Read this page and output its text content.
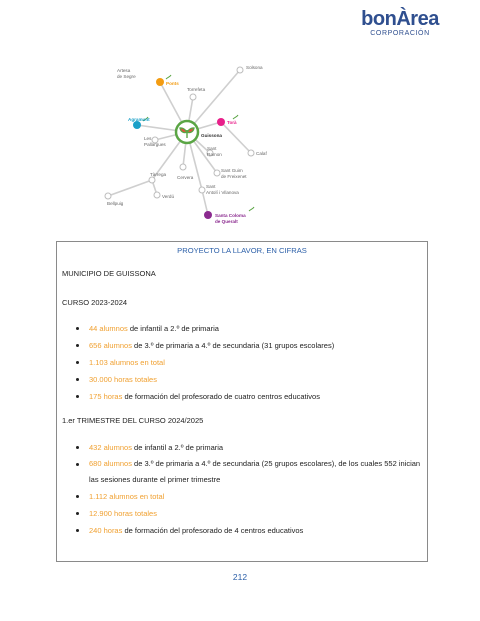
bonÀrea
CORPORACIÓN
Artesa
de Segre
Ponts
Solsona
Torrefeta
Agramunt
Guissona
Torà
Les
Pallargues
Sant
Ramon	Calaf
Sant Guim
de Freixenet
Cervera
Tàrrega
Sant
Antolí i Vilanova
Verdú
Bellpuig
Santa Coloma
de Queralt
PROYECTO LA LLAVOR, EN CIFRAS
MUNICIPIO DE GUISSONA
CURSO 2023-2024
44 alumnos de infantil a 2.º de primaria
656 alumnos de 3.º de primaria a 4.º de secundaria (31 grupos escolares)
1.103 alumnos en total
30.000 horas totales
175 horas de formación del profesorado de cuatro centros educativos
1.er TRIMESTRE DEL CURSO 2024/2025
432 alumnos de infantil a 2.º de primaria
680 alumnos de 3.º de primaria a 4.º de secundaria (25 grupos escolares), de los cuales 552 inician las sesiones durante el primer trimestre
1.112 alumnos en total
12.900 horas totales
240 horas de formación del profesorado de 4 centros educativos
212
